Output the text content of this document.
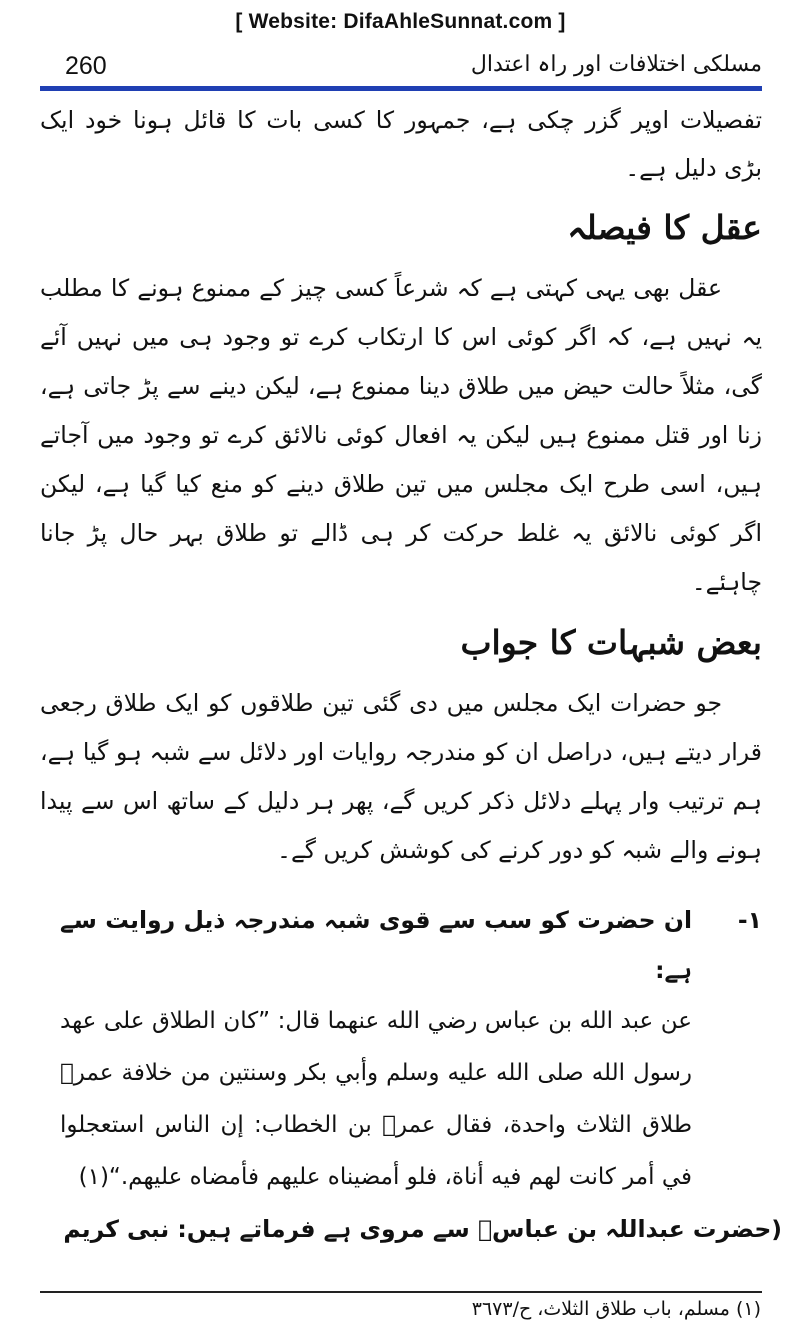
[ Website: DifaAhleSunnat.com ]
260	مسلکی اختلافات اور راہ اعتدال

تفصیلات اوپر گزر چکی ہے، جمہور کا کسی بات کا قائل ہونا خود ایک بڑی دلیل ہے۔

عقل کا فیصلہ

عقل بھی یہی کہتی ہے کہ شرعاً کسی چیز کے ممنوع ہونے کا مطلب یہ نہیں ہے، کہ اگر کوئی اس کا ارتکاب کرے تو وجود ہی میں نہیں آئے گی، مثلاً حالت حیض میں طلاق دینا ممنوع ہے، لیکن دینے سے پڑ جاتی ہے، زنا اور قتل ممنوع ہیں لیکن یہ افعال کوئی نالائق کرے تو وجود میں آجاتے ہیں، اسی طرح ایک مجلس میں تین طلاق دینے کو منع کیا گیا ہے، لیکن اگر کوئی نالائق یہ غلط حرکت کر ہی ڈالے تو طلاق بہر حال پڑ جانا چاہئے۔

بعض شبہات کا جواب

جو حضرات ایک مجلس میں دی گئی تین طلاقوں کو ایک طلاق رجعی قرار دیتے ہیں، دراصل ان کو مندرجہ روایات اور دلائل سے شبہ ہو گیا ہے، ہم ترتیب وار پہلے دلائل ذکر کریں گے، پھر ہر دلیل کے ساتھ اس سے پیدا ہونے والے شبہ کو دور کرنے کی کوشش کریں گے۔

۱-

ان حضرت کو سب سے قوی شبہ مندرجہ ذیل روایت سے ہے:

عن عبد الله بن عباس رضي الله عنهما قال: ”كان الطلاق على عهد رسول الله صلى الله عليه وسلم وأبي بكر وسنتين من خلافة عمرؓ طلاق الثلاث واحدة، فقال عمرؓ بن الخطاب: إن الناس استعجلوا في أمر كانت لهم فيه أناة، فلو أمضيناه عليهم فأمضاه عليهم.“(١)

(حضرت عبداللہ بن عباسؓ سے مروی ہے فرماتے ہیں: نبی کریم

(١) مسلم، باب طلاق الثلاث، ح/٣٦٧٣
